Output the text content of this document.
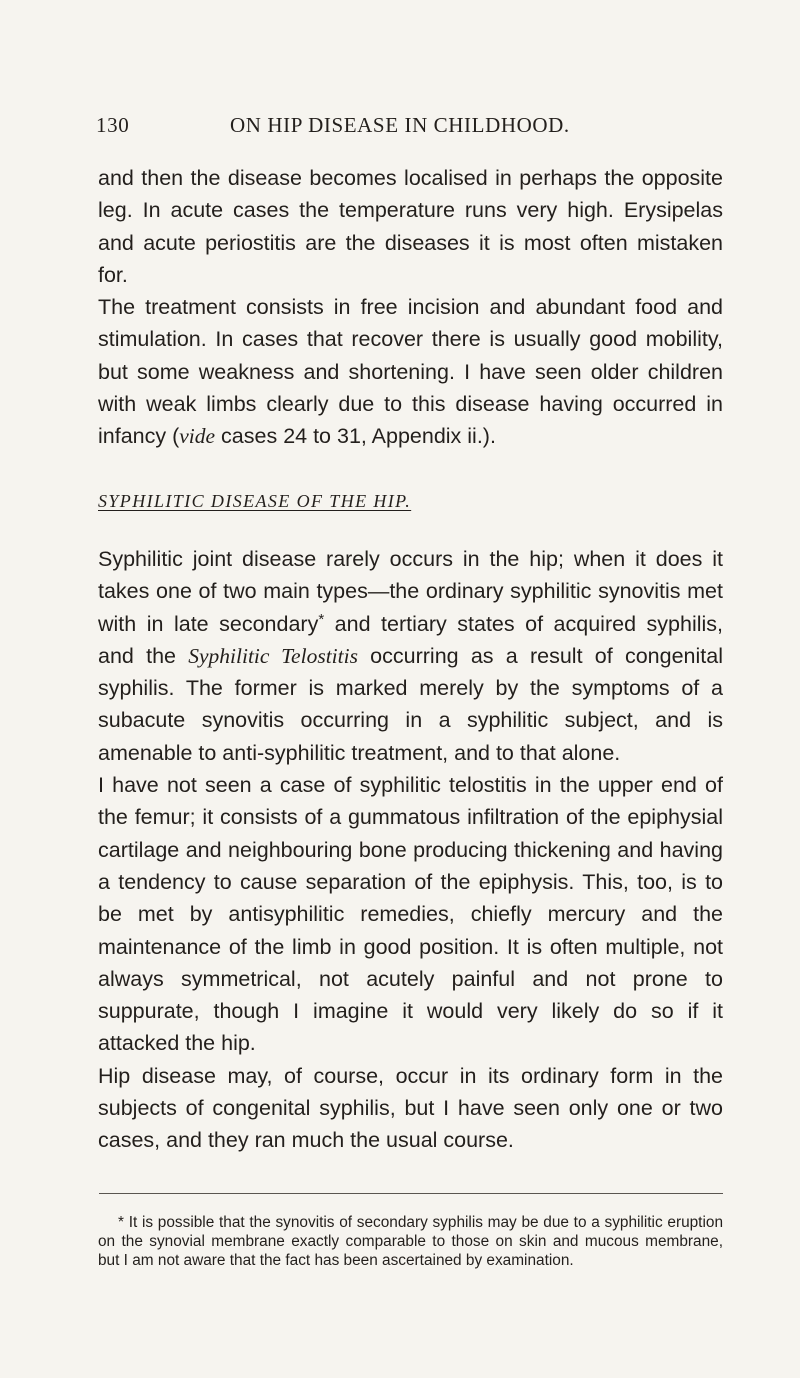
130	ON HIP DISEASE IN CHILDHOOD.

and then the disease becomes localised in perhaps the opposite leg. In acute cases the temperature runs very high. Erysipelas and acute periostitis are the diseases it is most often mistaken for.

The treatment consists in free incision and abundant food and stimulation. In cases that recover there is usually good mobility, but some weakness and shortening. I have seen older children with weak limbs clearly due to this disease having occurred in infancy (vide cases 24 to 31, Appendix ii.).

SYPHILITIC DISEASE OF THE HIP.

Syphilitic joint disease rarely occurs in the hip; when it does it takes one of two main types—the ordinary syphilitic synovitis met with in late secondary* and tertiary states of acquired syphilis, and the Syphilitic Telostitis occurring as a result of congenital syphilis. The former is marked merely by the symptoms of a subacute synovitis occurring in a syphilitic subject, and is amenable to anti-syphilitic treatment, and to that alone.

I have not seen a case of syphilitic telostitis in the upper end of the femur; it consists of a gummatous infiltration of the epiphysial cartilage and neighbouring bone producing thickening and having a tendency to cause separation of the epiphysis. This, too, is to be met by antisyphilitic remedies, chiefly mercury and the maintenance of the limb in good position. It is often multiple, not always symmetrical, not acutely painful and not prone to suppurate, though I imagine it would very likely do so if it attacked the hip.

Hip disease may, of course, occur in its ordinary form in the subjects of congenital syphilis, but I have seen only one or two cases, and they ran much the usual course.

* It is possible that the synovitis of secondary syphilis may be due to a syphilitic eruption on the synovial membrane exactly comparable to those on skin and mucous membrane, but I am not aware that the fact has been ascertained by examination.
